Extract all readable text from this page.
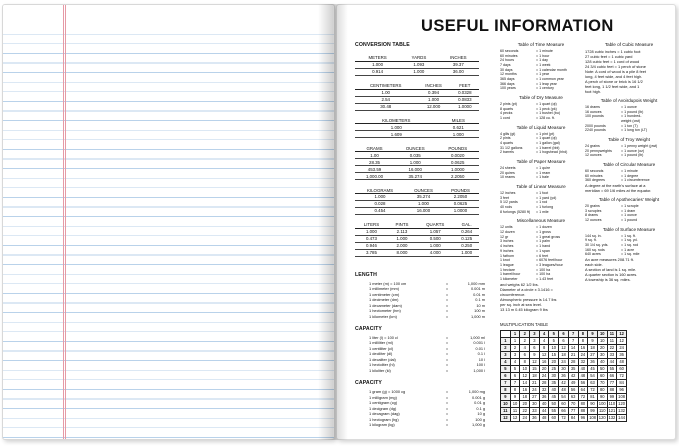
USEFUL INFORMATION
CONVERSION TABLE
METERS	YARDS	INCHES
1.000	1.093	39.37
0.914	1.000	36.00
CENTIMETERS	INCHES	FEET
1.00	0.394	0.0328
2.54	1.000	0.0833
30.48	12.000	1.0000
KILOMETERS	MILES
1.000	0.621
1.609	1.000
GRAMS	OUNCES	POUNDS
1.00	0.035	0.0020
28.35	1.000	0.0625
453.59	16.000	1.0000
1,000.00	35.274	2.2050
KILOGRAMS	OUNCES	POUNDS
1.000	35.274	2.2050
0.028	1.000	0.0625
0.454	16.000	1.0000
LITERS	PINTS	QUARTS	GAL.
1.000	2.113	1.057	0.264
0.473	1.000	0.500	0.125
0.946	2.000	1.000	0.250
3.785	8.000	4.000	1.000
LENGTH
1 meter (m) = 100 cm	=	1,000 mm
1 millimeter (mm)	=	0.001 m
1 centimeter (cm)	=	0.01 m
1 decimeter (dm)	=	0.1 m
1 decameter (dam)	=	10 m
1 hectometer (hm)	=	100 m
1 kilometer (km)	=	1,000 m
CAPACITY
1 liter (l) = 100 cl	=	1,000 ml
1 milliliter (ml)	=	0.001 l
1 centiliter (cl)	=	0.01 l
1 deciliter (dl)	=	0.1 l
1 decaliter (dal)	=	10 l
1 hectoliter (hl)	=	100 l
1 kiloliter (kl)	=	1,000 l
CAPACITY
1 gram (g) = 1000 cg	=	1,000 mg
1 milligram (mg)	=	0.001 g
1 centigram (cg)	=	0.01 g
1 decigram (dg)	=	0.1 g
1 decagram (dag)	=	10 g
1 hectogram (hg)	=	100 g
1 kilogram (kg)	=	1,000 g
Table of Time Measure
60 seconds	= 1 minute
60 minutes	= 1 hour
24 hours	= 1 day
7 days	= 1 week
30 days	= 1 calendar month
12 months	= 1 year
365 days	= 1 common year
366 days	= 1 leap year
100 years	= 1 century
Table of Dry Measure
2 pints (pt)	= 1 quart (qt)
8 quarts	= 1 peck (pk)
4 pecks	= 1 bushel (bu)
1 cord	= 128 cu. ft.
Table of Liquid Measure
4 gills (gi)	= 1 pint (pt)
2 pints	= 1 quart (qt)
4 quarts	= 1 gallon (gal)
31 1/2 gallons	= 1 barrel (bbl)
2 barrels	= 1 hogshead (hhd)
Table of Paper Measure
24 sheets	= 1 quire
20 quires	= 1 ream
10 reams	= 1 bale
Table of Linear Measure
12 inches	= 1 foot
3 feet	= 1 yard (yd)
5 1/2 yards	= 1 rod
40 rods	= 1 furlong
8 furlongs (5280 ft)	= 1 mile
Miscellaneous Measure
12 units	= 1 dozen
12 dozen	= 1 gross
12 gr	= 1 great gross
3 inches	= 1 palm
4 inches	= 1 hand
9 inches	= 1 span
1 fathom	= 6 feet
1 knot	= 6076 feet/hour
1 league	= 3 leagues/hour
1 hectare	= 100 ha
1 barrel/hour	= 100 ha
1 kilometer	= 1.43 feet
and weighs 62 1/2 lbs.
Diameter of a circle x 3.1416 =
circumference.
Atmospheric pressure is 14.7 lbs
per sq. inch at sea level.
13 13 m 0.45 kilogram 9 lbs
Table of Cubic Measure
1728 cubic inches = 1 cubic foot
27 cubic feet = 1 cubic yard
128 cubic feet = 1 cord of wood
24 3/4 cubic feet = 1 perch of stone
Note: A cord of wood is a pile 8 feet
long, 4 feet wide, and 4 feet high.
A perch of stone or brick is 16 1/2
feet long, 1 1/2 feet wide, and 1
foot high.
Table of Avoirdupois Weight
16 drams	= 1 ounce
16 ounces	= 1 pound (lb)
100 pounds	= 1 hundred-
weight (cwt)
2000 pounds	= 1 ton (T)
2240 pounds	= 1 long ton (LT)
Table of Troy Weight
24 grains	= 1 penny weight (pwt)
20 pennyweights	= 1 ounce (oz)
12 ounces	= 1 pound (lb)
Table of Circular Measure
60 seconds	= 1 minute
60 minutes	= 1 degree
360 degrees	= 1 circumference
A degree at the earth's surface at a
meridian = 69 1/6 miles at the equator.
Table of Apothecaries' Weight
20 grains	= 1 scruple
3 scruples	= 1 dram
8 drams	= 1 ounce
12 ounces	= 1 pound
Table of Surface Measure
144 sq. in.	= 1 sq. ft.
9 sq. ft.	= 1 sq. yd.
30 1/4 sq. yds.	= 1 sq. rod
160 sq. rods	= 1 acre
640 acres	= 1 sq. mile
An acre measures 208.71 ft.
each side.
A section of land is 1 sq. mile.
A quarter section is 160 acres.
A township is 36 sq. miles.
MULTIPLICATION TABLE
	1	2	3	4	5	6	7	8	9	10	11	12
1	1	2	3	4	5	6	7	8	9	10	11	12
2	2	4	6	8	10	12	14	16	18	20	22	24
3	3	6	9	12	15	18	21	24	27	30	33	36
4	4	8	12	16	20	24	28	32	36	40	44	48
5	5	10	15	20	25	30	35	40	45	50	55	60
6	6	12	18	24	30	36	42	48	54	60	66	72
7	7	14	21	28	35	42	49	56	63	70	77	84
8	8	16	24	32	40	48	56	64	72	80	88	96
9	9	18	27	36	45	54	63	72	81	90	99	108
10	10	20	30	40	50	60	70	80	90	100	110	120
11	11	22	33	44	55	66	77	88	99	110	121	132
12	12	24	36	48	60	72	84	96	108	120	132	144
